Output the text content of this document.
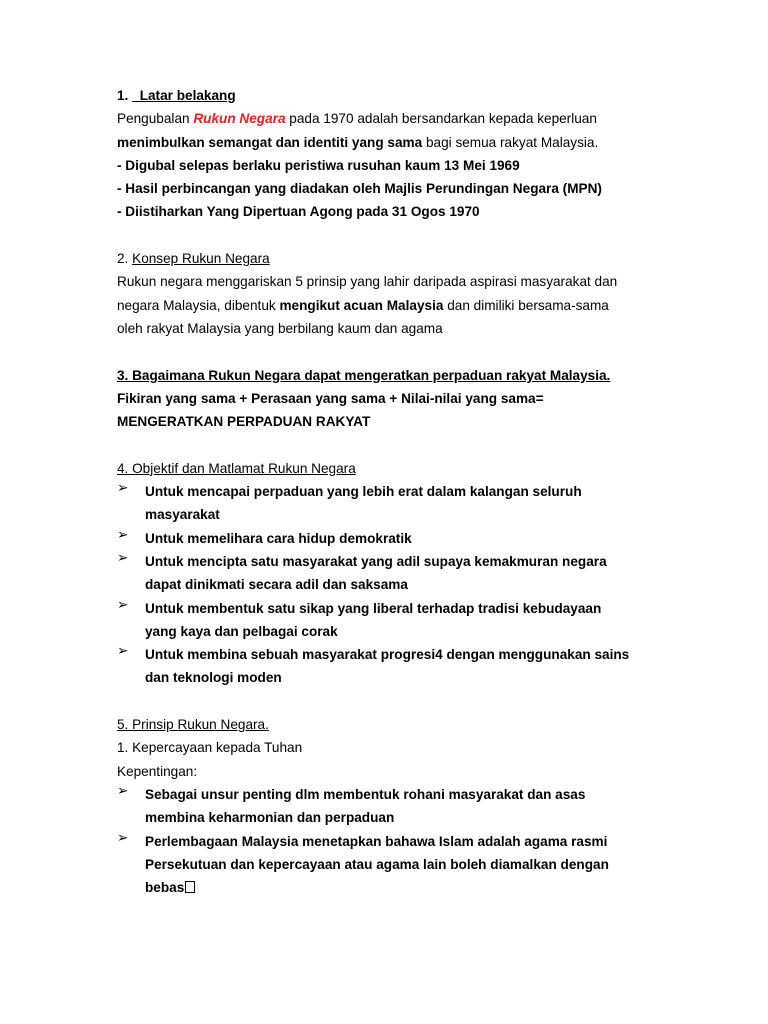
1. Latar belakang
Pengubalan Rukun Negara pada 1970 adalah bersandarkan kepada keperluan
menimbulkan semangat dan identiti yang sama bagi semua rakyat Malaysia.
- Digubal selepas berlaku peristiwa rusuhan kaum 13 Mei 1969
- Hasil perbincangan yang diadakan oleh Majlis Perundingan Negara (MPN)
- Diistiharkan Yang Dipertuan Agong pada 31 Ogos 1970
2. Konsep Rukun Negara
Rukun negara menggariskan 5 prinsip yang lahir daripada aspirasi masyarakat dan
negara Malaysia, dibentuk mengikut acuan Malaysia dan dimiliki bersama-sama
oleh rakyat Malaysia yang berbilang kaum dan agama
3. Bagaimana Rukun Negara dapat mengeratkan perpaduan rakyat Malaysia.
Fikiran yang sama + Perasaan yang sama + Nilai-nilai yang sama=
MENGERATKAN PERPADUAN RAKYAT
4. Objektif dan Matlamat Rukun Negara
➢ Untuk mencapai perpaduan yang lebih erat dalam kalangan seluruh
masyarakat
➢ Untuk memelihara cara hidup demokratik
➢ Untuk mencipta satu masyarakat yang adil supaya kemakmuran negara
dapat dinikmati secara adil dan saksama
➢ Untuk membentuk satu sikap yang liberal terhadap tradisi kebudayaan
yang kaya dan pelbagai corak
➢ Untuk membina sebuah masyarakat progresi4 dengan menggunakan sains
dan teknologi moden
5. Prinsip Rukun Negara.
1. Kepercayaan kepada Tuhan
Kepentingan:
➢ Sebagai unsur penting dlm membentuk rohani masyarakat dan asas
membina keharmonian dan perpaduan
➢ Perlembagaan Malaysia menetapkan bahawa Islam adalah agama rasmi
Persekutuan dan kepercayaan atau agama lain boleh diamalkan dengan
bebas
